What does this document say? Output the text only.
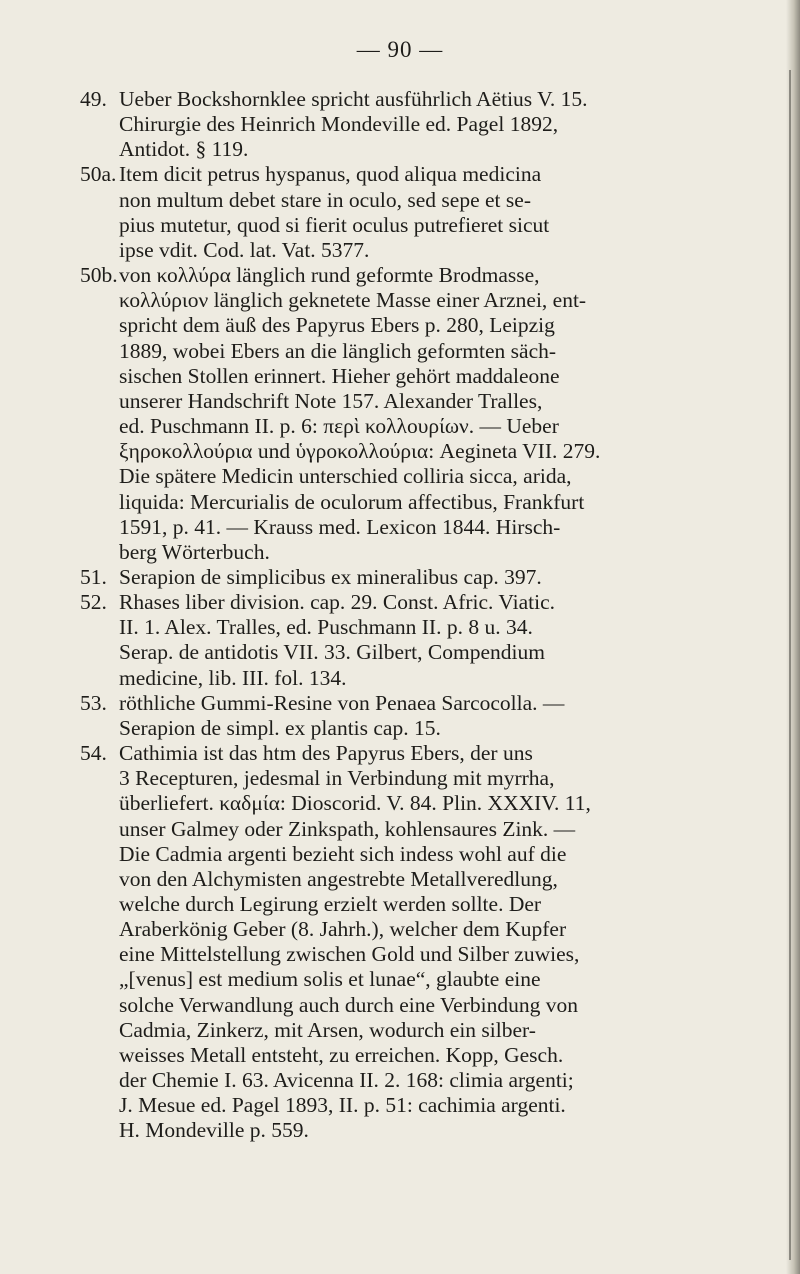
— 90 —
49. Ueber Bockshornklee spricht ausführlich Aëtius V. 15.
Chirurgie des Heinrich Mondeville ed. Pagel 1892,
Antidot. § 119.
50a. Item dicit petrus hyspanus, quod aliqua medicina
non multum debet stare in oculo, sed sepe et se-
pius mutetur, quod si fierit oculus putrefieret sicut
ipse vdit. Cod. lat. Vat. 5377.
50b. von κολλύρα länglich rund geformte Brodmasse,
κολλύριον länglich geknetete Masse einer Arznei, ent-
spricht dem äuß des Papyrus Ebers p. 280, Leipzig
1889, wobei Ebers an die länglich geformten säch-
sischen Stollen erinnert. Hieher gehört maddaleone
unserer Handschrift Note 157. Alexander Tralles,
ed. Puschmann II. p. 6: περὶ κολλουρίων. — Ueber
ξηροκολλούρια und ὑγροκολλούρια: Aegineta VII. 279.
Die spätere Medicin unterschied colliria sicca, arida,
liquida: Mercurialis de oculorum affectibus, Frankfurt
1591, p. 41. — Krauss med. Lexicon 1844. Hirsch-
berg Wörterbuch.
51. Serapion de simplicibus ex mineralibus cap. 397.
52. Rhases liber division. cap. 29. Const. Afric. Viatic.
II. 1. Alex. Tralles, ed. Puschmann II. p. 8 u. 34.
Serap. de antidotis VII. 33. Gilbert, Compendium
medicine, lib. III. fol. 134.
53. röthliche Gummi-Resine von Penaea Sarcocolla. —
Serapion de simpl. ex plantis cap. 15.
54. Cathimia ist das htm des Papyrus Ebers, der uns
3 Recepturen, jedesmal in Verbindung mit myrrha,
überliefert. καδμία: Dioscorid. V. 84. Plin. XXXIV. 11,
unser Galmey oder Zinkspath, kohlensaures Zink. —
Die Cadmia argenti bezieht sich indess wohl auf die
von den Alchymisten angestrebte Metallveredlung,
welche durch Legirung erzielt werden sollte. Der
Araberkönig Geber (8. Jahrh.), welcher dem Kupfer
eine Mittelstellung zwischen Gold und Silber zuwies,
„[venus] est medium solis et lunae“, glaubte eine
solche Verwandlung auch durch eine Verbindung von
Cadmia, Zinkerz, mit Arsen, wodurch ein silber-
weisses Metall entsteht, zu erreichen. Kopp, Gesch.
der Chemie I. 63. Avicenna II. 2. 168: climia argenti;
J. Mesue ed. Pagel 1893, II. p. 51: cachimia argenti.
H. Mondeville p. 559.
